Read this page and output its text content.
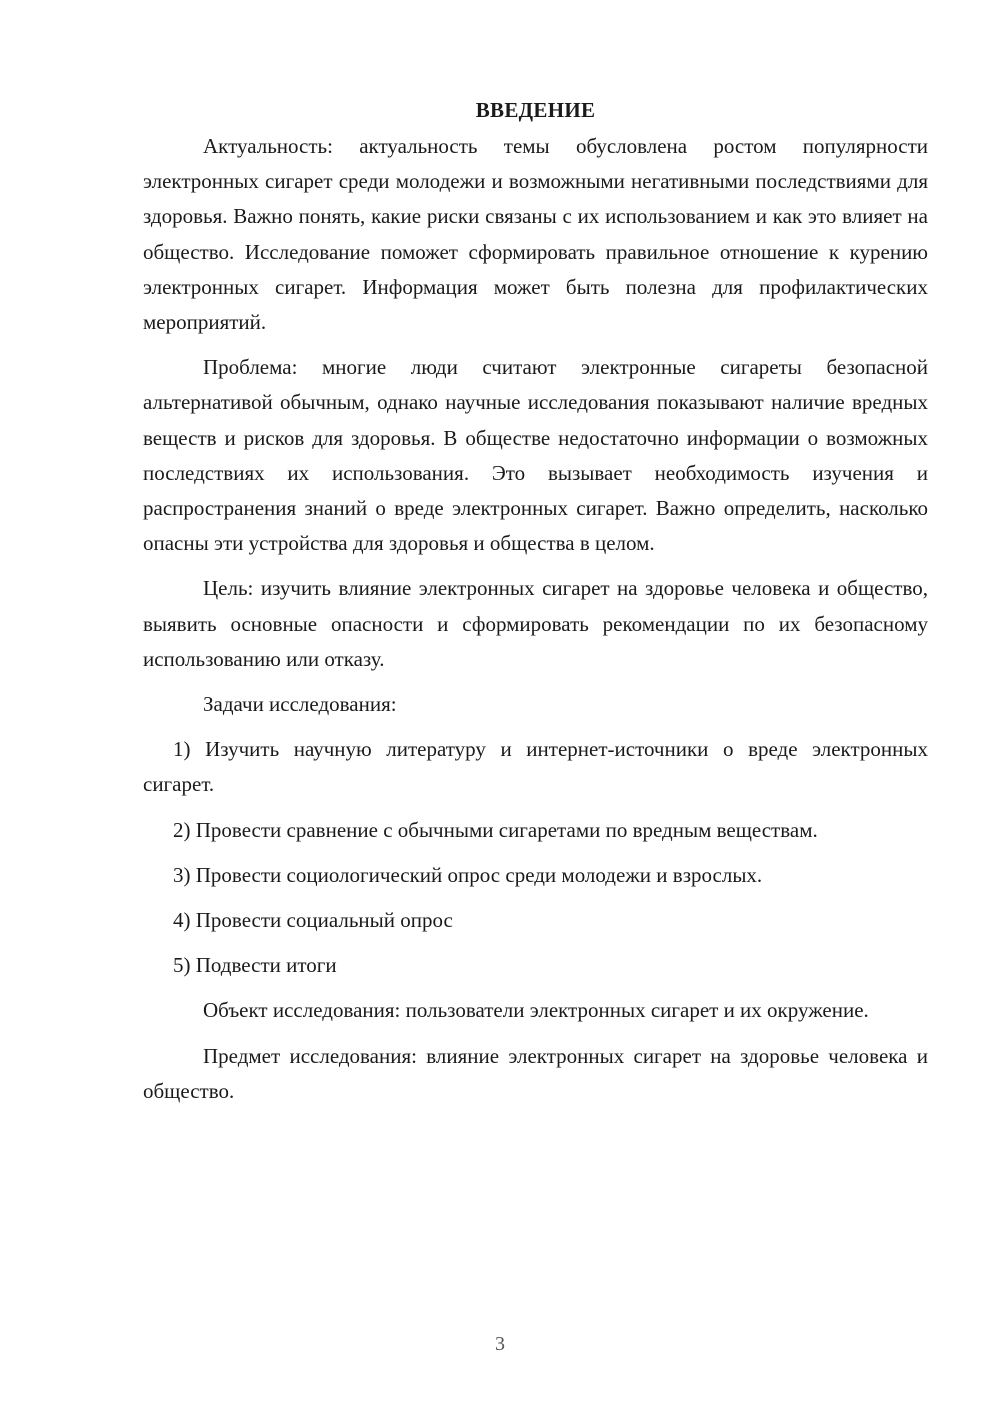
ВВЕДЕНИЕ

Актуальность: актуальность темы обусловлена ростом популярности электронных сигарет среди молодежи и возможными негативными последствиями для здоровья. Важно понять, какие риски связаны с их использованием и как это влияет на общество. Исследование поможет сформировать правильное отношение к курению электронных сигарет. Информация может быть полезна для профилактических мероприятий.

Проблема: многие люди считают электронные сигареты безопасной альтернативой обычным, однако научные исследования показывают наличие вредных веществ и рисков для здоровья. В обществе недостаточно информации о возможных последствиях их использования. Это вызывает необходимость изучения и распространения знаний о вреде электронных сигарет. Важно определить, насколько опасны эти устройства для здоровья и общества в целом.

Цель: изучить влияние электронных сигарет на здоровье человека и общество, выявить основные опасности и сформировать рекомендации по их безопасному использованию или отказу.

Задачи исследования:

1) Изучить научную литературу и интернет-источники о вреде электронных сигарет.

2) Провести сравнение с обычными сигаретами по вредным веществам.

3) Провести социологический опрос среди молодежи и взрослых.

4) Провести социальный опрос

5) Подвести итоги

Объект исследования: пользователи электронных сигарет и их окружение.

Предмет исследования: влияние электронных сигарет на здоровье человека и общество.

3
